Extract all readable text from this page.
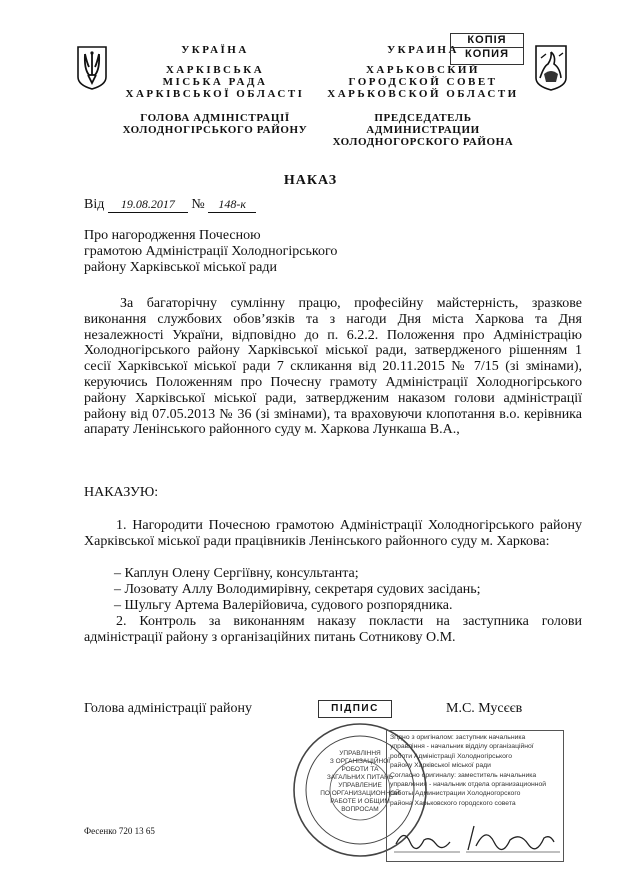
УКРАЇНА
ХАРКІВСЬКА
МІСЬКА РАДА
ХАРКІВСЬКОЇ ОБЛАСТІ
ГОЛОВА АДМІНІСТРАЦІЇ
ХОЛОДНОГІРСЬКОГО РАЙОНУ
УКРАИНА
ХАРЬКОВСКИЙ
ГОРОДСКОЙ СОВЕТ
ХАРЬКОВСКОЙ ОБЛАСТИ
ПРЕДСЕДАТЕЛЬ АДМИНИСТРАЦИИ
ХОЛОДНОГОРСКОГО РАЙОНА
КОПІЯ
КОПИЯ
НАКАЗ
Від 19.08.2017 № 148-к
Про нагородження Почесною
грамотою Адміністрації Холодногірського
району Харківської міської ради
За багаторічну сумлінну працю, професійну майстерність, зразкове виконання службових обов’язків та з нагоди Дня міста Харкова та Дня незалежності України, відповідно до п. 6.2.2. Положення про Адміністрацію Холодногірського району Харківської міської ради, затвердженого рішенням 1 сесії Харківської міської ради 7 скликання від 20.11.2015 № 7/15 (зі змінами), керуючись Положенням про Почесну грамоту Адміністрації Холодногірського району Харківської міської ради, затвердженим наказом голови адміністрації району від 07.05.2013 № 36 (зі змінами), та враховуючи клопотання в.о. керівника апарату Ленінського районного суду м. Харкова Лункаша В.А.,
НАКАЗУЮ:
1. Нагородити Почесною грамотою Адміністрації Холодногірського району Харківської міської ради працівників Ленінського районного суду м. Харкова:
– Каплун Олену Сергіївну, консультанта;
– Лозовату Аллу Володимирівну, секретаря судових засідань;
– Шульгу Артема Валерійовича, судового розпорядника.
2. Контроль за виконанням наказу покласти на заступника голови адміністрації району з організаційних питань Сотникову О.М.
Голова адміністрації району	ПІДПИС	М.С. Мусєєв
УПРАВЛІННЯ
З ОРГАНІЗАЦІЙНОЇ
РОБОТИ ТА
ЗАГАЛЬНИХ ПИТАНЬ
УПРАВЛЕНИЕ
ПО ОРГАНИЗАЦИОННОЙ
РАБОТЕ И ОБЩИМ
ВОПРОСАМ
Згідно з оригіналом: заступник начальника
управління - начальник відділу організаційної
роботи Адміністрації Холодногірського
району Харківської міської ради
Согласно оригиналу: заместитель начальника
управления - начальник отдела организационной
работы Администрации Холодногорского
района Харьковского городского совета
Фесенко 720 13 65
